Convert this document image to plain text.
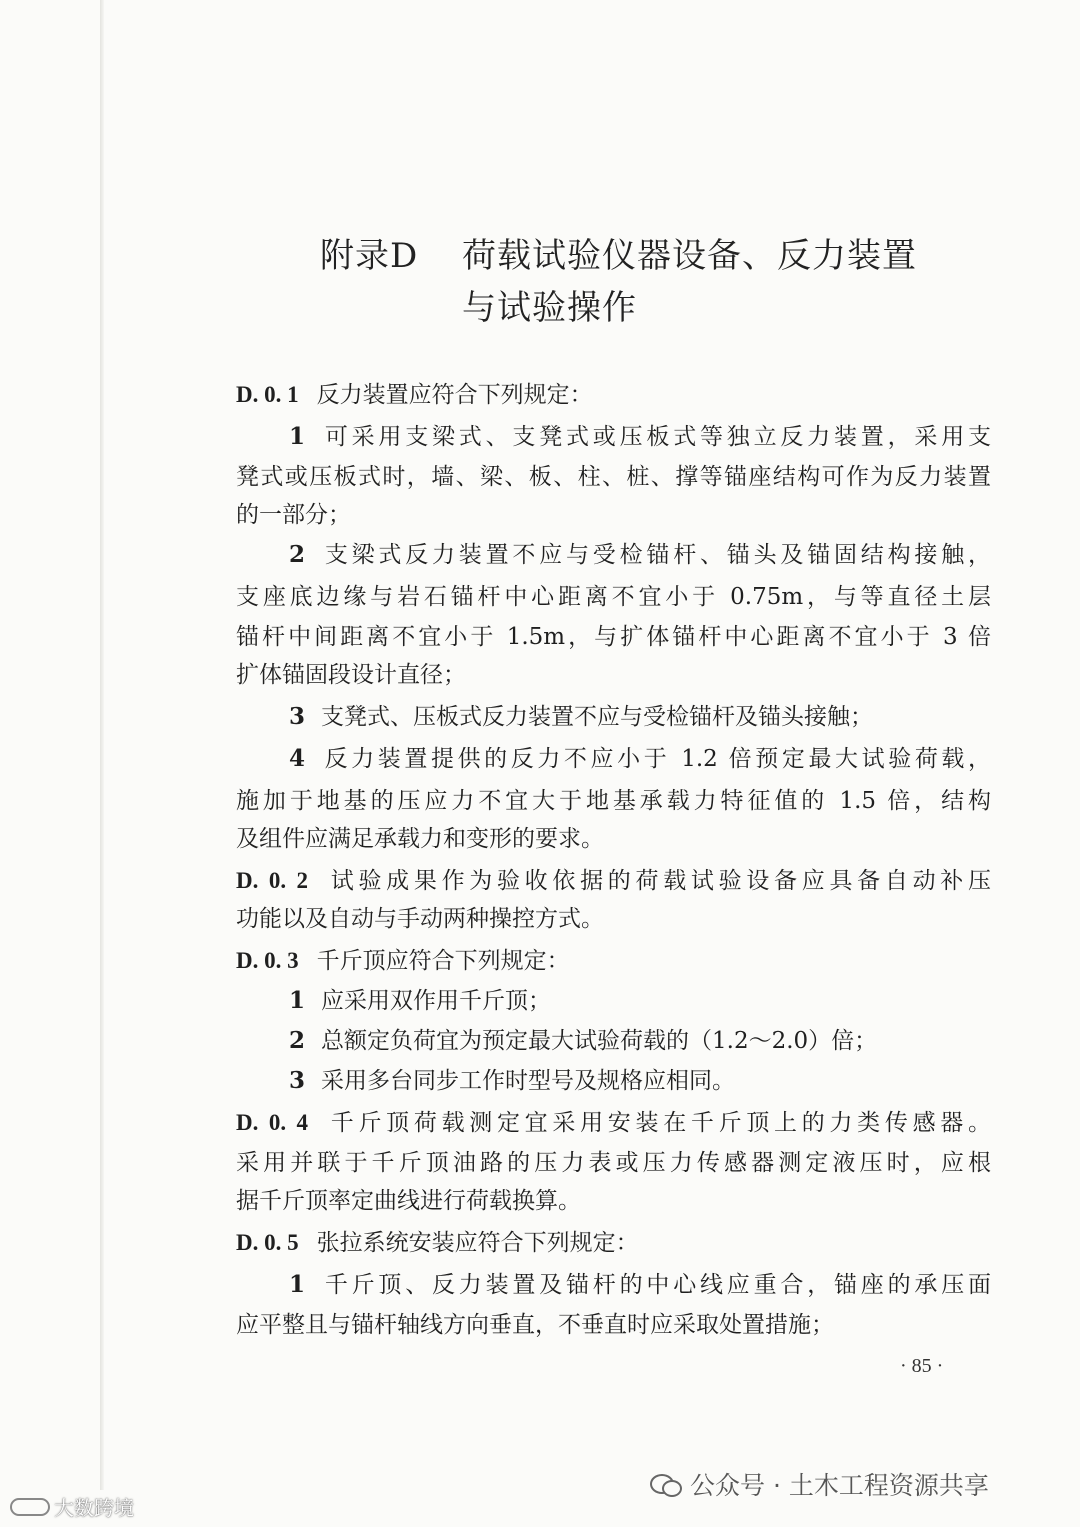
附录D 荷载试验仪器设备、反力装置
与试验操作
D. 0. 1 反力装置应符合下列规定：
1 可采用支梁式、支凳式或压板式等独立反力装置，采用支
凳式或压板式时，墙、梁、板、柱、桩、撑等锚座结构可作为反力装置
的一部分；
2 支梁式反力装置不应与受检锚杆、锚头及锚固结构接触，
支座底边缘与岩石锚杆中心距离不宜小于 0.75m，与等直径土层
锚杆中间距离不宜小于 1.5m，与扩体锚杆中心距离不宜小于 3 倍
扩体锚固段设计直径；
3 支凳式、压板式反力装置不应与受检锚杆及锚头接触；
4 反力装置提供的反力不应小于 1.2 倍预定最大试验荷载，
施加于地基的压应力不宜大于地基承载力特征值的 1.5 倍，结构
及组件应满足承载力和变形的要求。
D. 0. 2 试验成果作为验收依据的荷载试验设备应具备自动补压
功能以及自动与手动两种操控方式。
D. 0. 3 千斤顶应符合下列规定：
1 应采用双作用千斤顶；
2 总额定负荷宜为预定最大试验荷载的（1.2～2.0）倍；
3 采用多台同步工作时型号及规格应相同。
D. 0. 4 千斤顶荷载测定宜采用安装在千斤顶上的力类传感器。
采用并联于千斤顶油路的压力表或压力传感器测定液压时，应根
据千斤顶率定曲线进行荷载换算。
D. 0. 5 张拉系统安装应符合下列规定：
1 千斤顶、反力装置及锚杆的中心线应重合，锚座的承压面
应平整且与锚杆轴线方向垂直，不垂直时应采取处置措施；
· 85 ·
公众号 · 土木工程资源共享
大数跨境
